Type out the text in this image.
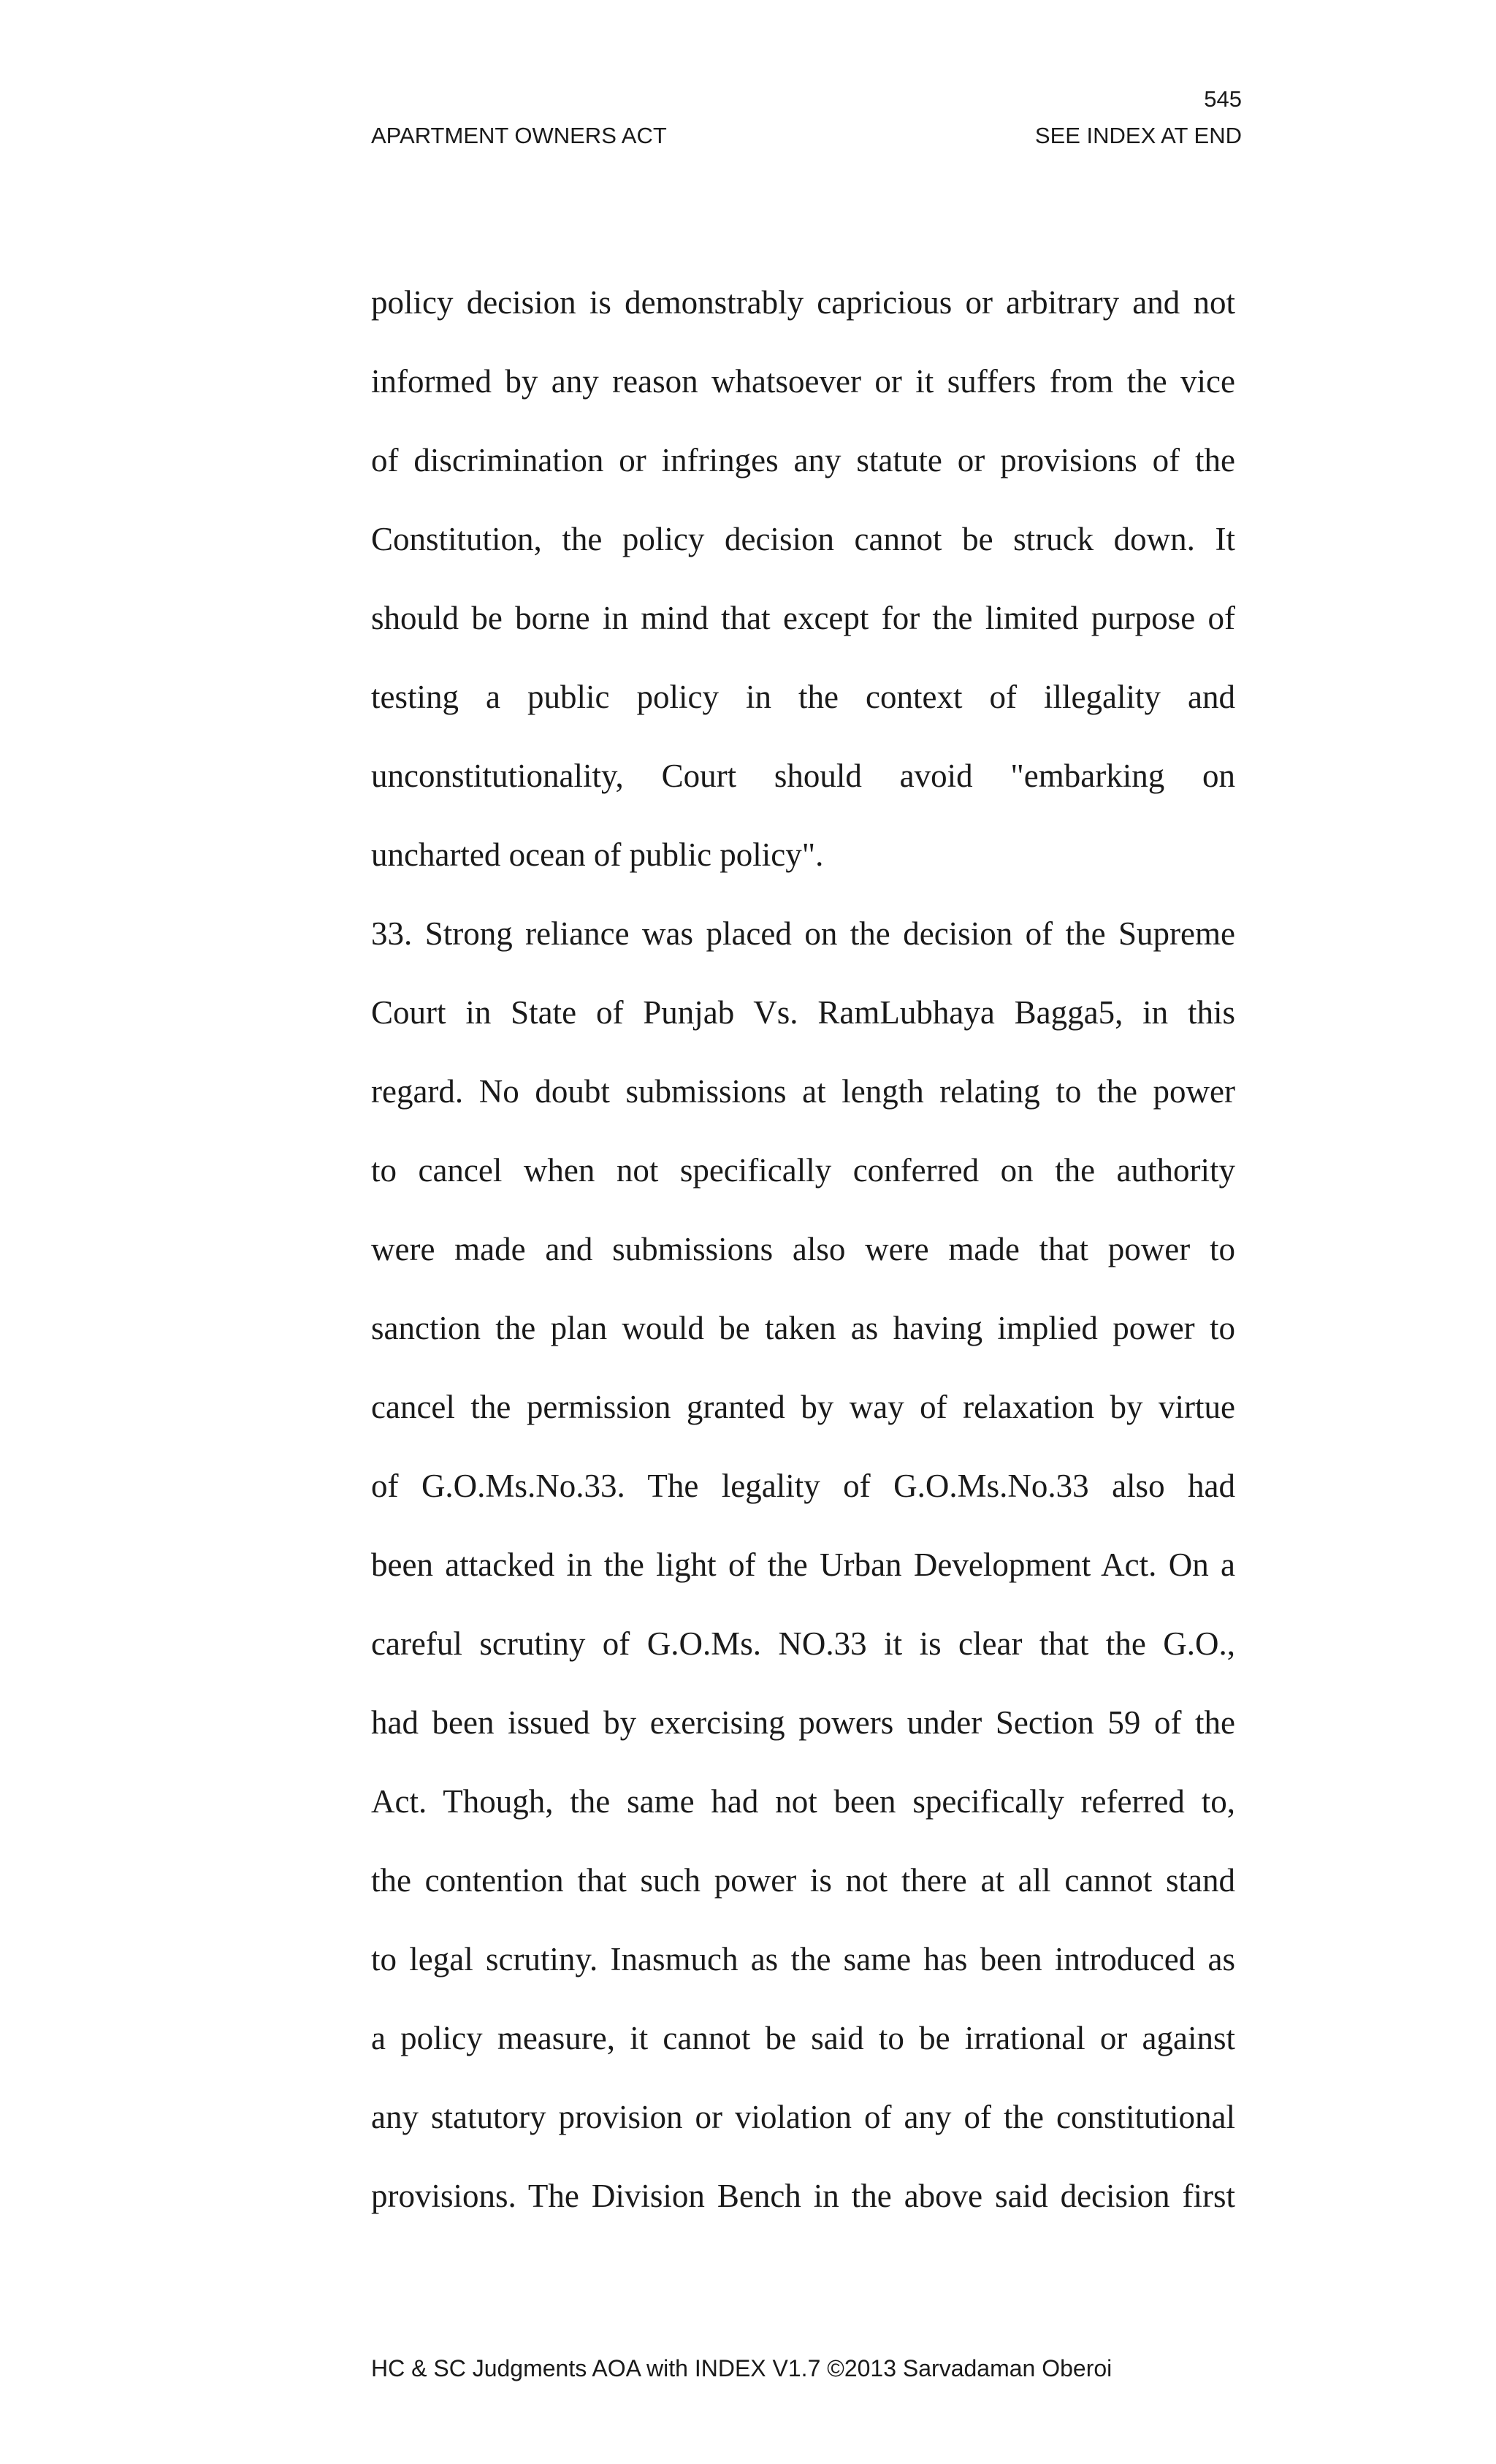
545
APARTMENT OWNERS ACT	SEE INDEX AT END
policy decision is demonstrably capricious or arbitrary and not
informed by any reason whatsoever or it suffers from the vice
of discrimination or infringes any statute or provisions of the
Constitution, the policy decision cannot be struck down. It
should be borne in mind that except for the limited purpose of
testing a public policy in the context of illegality and
unconstitutionality, Court should avoid "embarking on
uncharted ocean of public policy".
33. Strong reliance was placed on the decision of the Supreme
Court in State of Punjab Vs. RamLubhaya Bagga5, in this
regard. No doubt submissions at length relating to the power
to cancel when not specifically conferred on the authority
were made and submissions also were made that power to
sanction the plan would be taken as having implied power to
cancel the permission granted by way of relaxation by virtue
of G.O.Ms.No.33. The legality of G.O.Ms.No.33 also had
been attacked in the light of the Urban Development Act. On a
careful scrutiny of G.O.Ms. NO.33 it is clear that the G.O.,
had been issued by exercising powers under Section 59 of the
Act. Though, the same had not been specifically referred to,
the contention that such power is not there at all cannot stand
to legal scrutiny. Inasmuch as the same has been introduced as
a policy measure, it cannot be said to be irrational or against
any statutory provision or violation of any of the constitutional
provisions. The Division Bench in the above said decision first
HC & SC Judgments AOA with INDEX V1.7 ©2013 Sarvadaman Oberoi
